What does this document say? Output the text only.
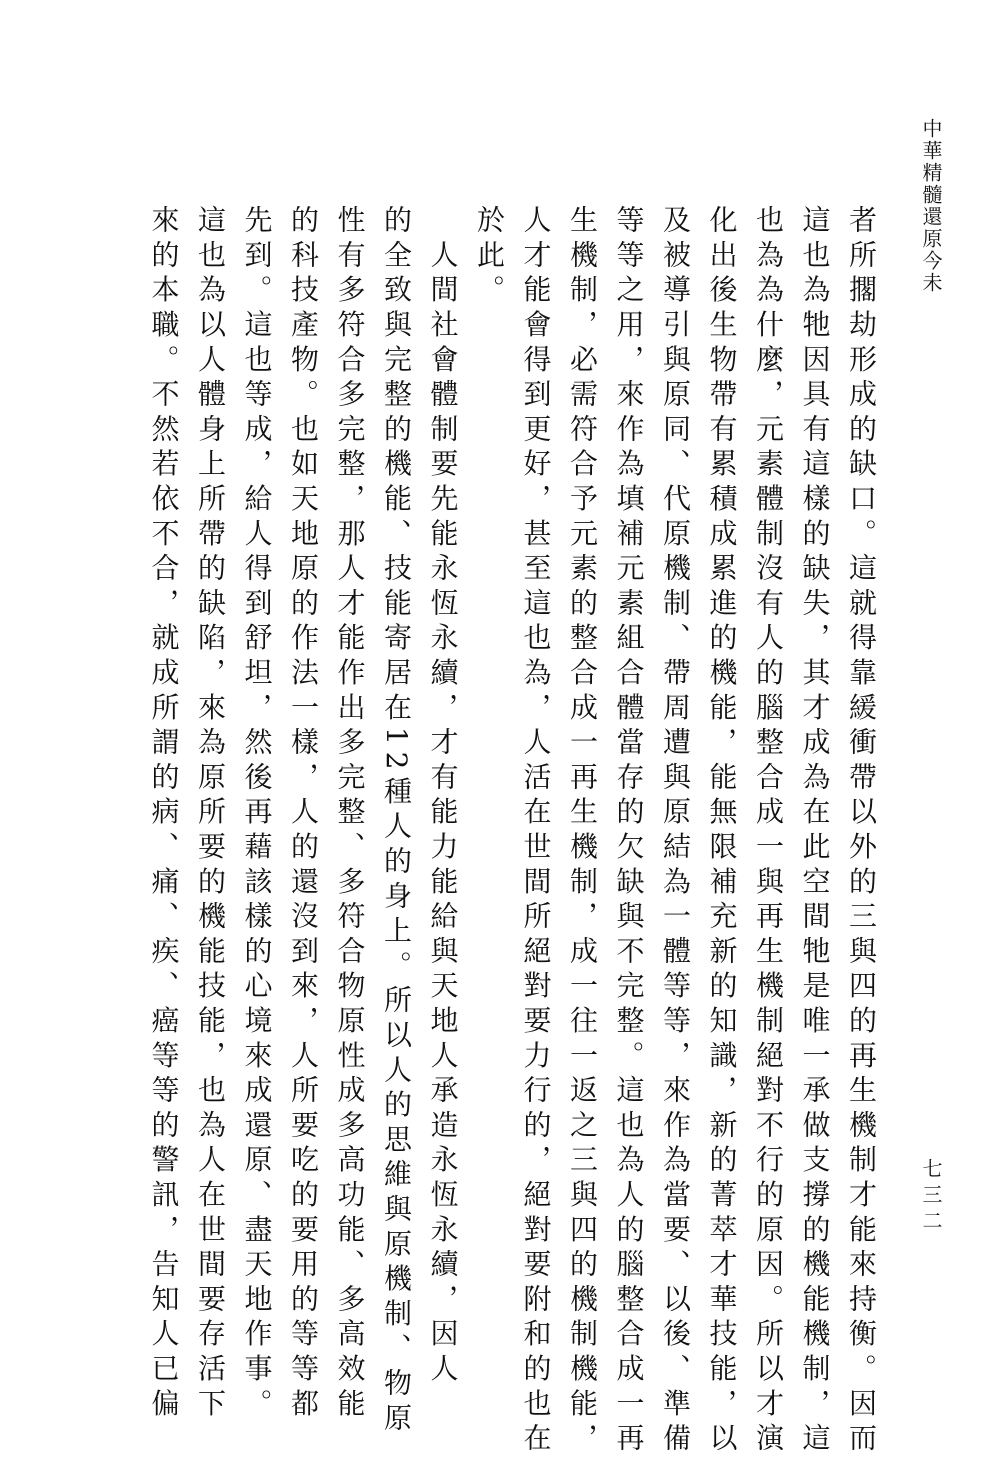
中華精髓還原今未

者所擱劫形成的缺口。這就得靠緩衝帶以外的三與四的再生機制才能來持衡。因而
這也為牠因具有這樣的缺失，其才成為在此空間牠是唯一承做支撐的機能機制，這
也為為什麼，元素體制沒有人的腦整合成一與再生機制絕對不行的原因。所以才演
化出後生物帶有累積成累進的機能，能無限補充新的知識，新的菁萃才華技能，以
及被導引與原同、代原機制、帶周遭與原結為一體等等，來作為當要、以後、準備
等等之用，來作為填補元素組合體當存的欠缺與不完整。這也為人的腦整合成一再
生機制，必需符合予元素的整合成一再生機制，成一往一返之三與四的機制機能，
人才能會得到更好，甚至這也為，人活在世間所絕對要力行的，絕對要附和的也在
於此。

　人間社會體制要先能永恆永續，才有能力能給與天地人承造永恆永續，因人
的全致與完整的機能、技能寄居在12種人的身上。所以人的思維與原機制、物原
性有多符合多完整，那人才能作出多完整、多符合物原性成多高功能、多高效能
的科技產物。也如天地原的作法一樣，人的還沒到來，人所要吃的要用的等等都
先到。這也等成，給人得到舒坦，然後再藉該樣的心境來成還原、盡天地作事。
這也為以人體身上所帶的缺陷，來為原所要的機能技能，也為人在世間要存活下
來的本職。不然若依不合，就成所謂的病、痛、疾、癌等等的警訊，告知人已偏	七三二
